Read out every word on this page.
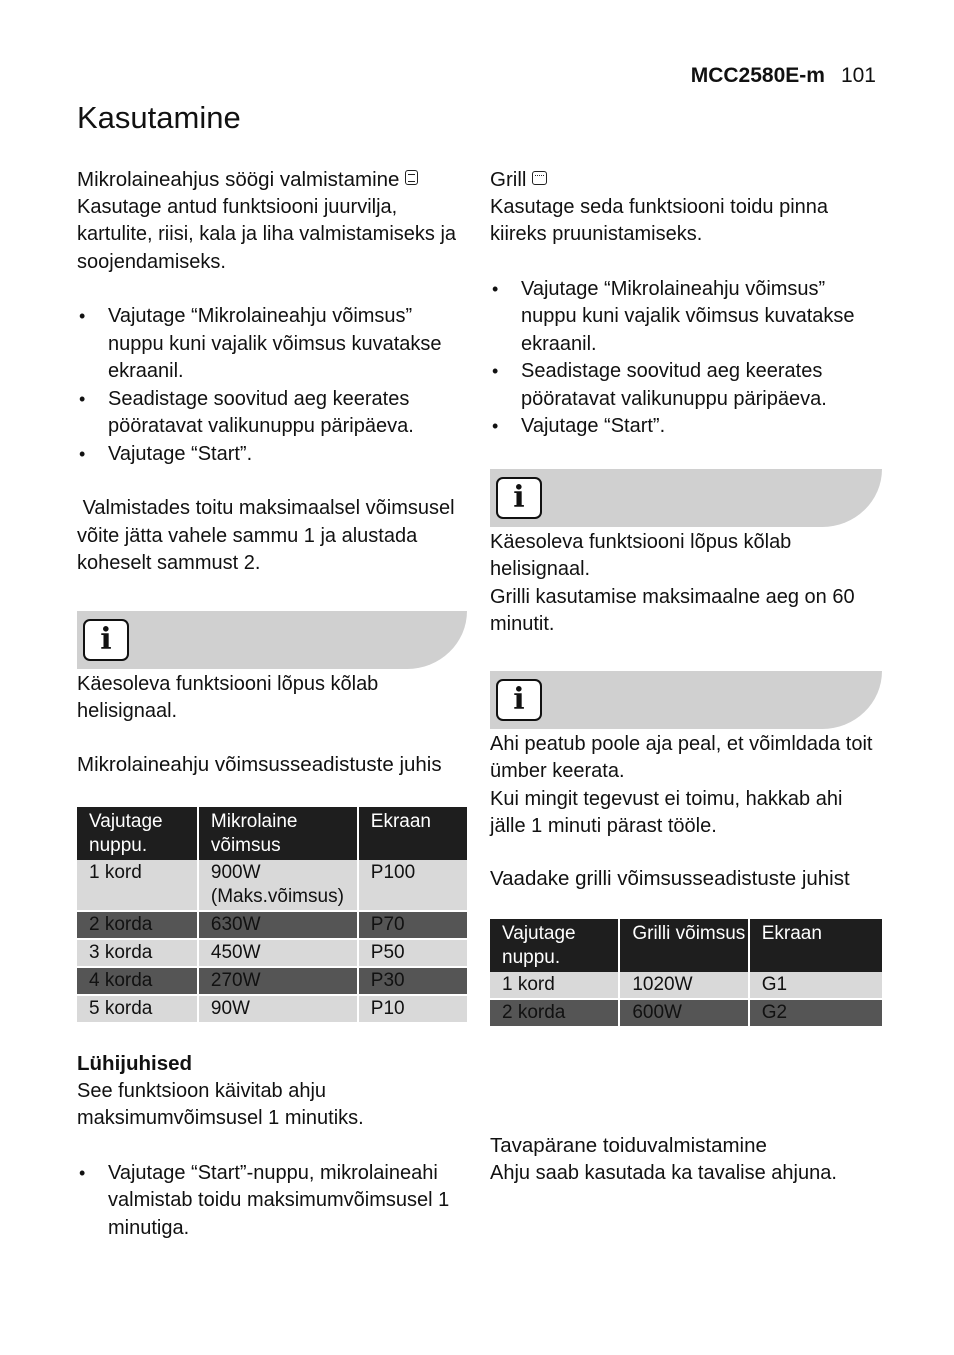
MCC2580E-m 101
Kasutamine

Mikrolaineahjus söögi valmistamine

Kasutage antud funktsiooni juurvilja, kartulite, riisi, kala ja liha valmistamiseks ja soojendamiseks.

• Vajutage “Mikrolaineahju võimsus” nuppu kuni vajalik võimsus kuvatakse ekraanil.
• Seadistage soovitud aeg keerates pööratavat valikunuppu päripäeva.
• Vajutage “Start”.

Valmistades toitu maksimaalsel võimsusel võite jätta vahele sammu 1 ja alustada koheselt sammust 2.

i

Käesoleva funktsiooni lõpus kõlab helisignaal.

Mikrolaineahju võimsusseadistuste juhis

Vajutage nuppu.	Mikrolaine võimsus	Ekraan
1 kord	900W (Maks.võimsus)	P100
2 korda	630W	P70
3 korda	450W	P50
4 korda	270W	P30
5 korda	90W	P10

Lühijuhised

See funktsioon käivitab ahju maksimumvõimsusel 1 minutiks.

• Vajutage “Start”-nuppu, mikrolaineahi valmistab toidu maksimumvõimsusel 1 minutiga.

Grill

Kasutage seda funktsiooni toidu pinna kiireks pruunistamiseks.

• Vajutage “Mikrolaineahju võimsus” nuppu kuni vajalik võimsus kuvatakse ekraanil.
• Seadistage soovitud aeg keerates pööratavat valikunuppu päripäeva.
• Vajutage “Start”.
i

Käesoleva funktsiooni lõpus kõlab helisignaal.

Grilli kasutamise maksimaalne aeg on 60 minutit.

i

Ahi peatub poole aja peal, et võimldada toit ümber keerata.

Kui mingit tegevust ei toimu, hakkab ahi jälle 1 minuti pärast tööle.

Vaadake grilli võimsusseadistuste juhist

Vajutage nuppu.	Grilli võimsus	Ekraan
1 kord	1020W	G1
2 korda	600W	G2

Tavapärane toiduvalmistamine

Ahju saab kasutada ka tavalise ahjuna.
